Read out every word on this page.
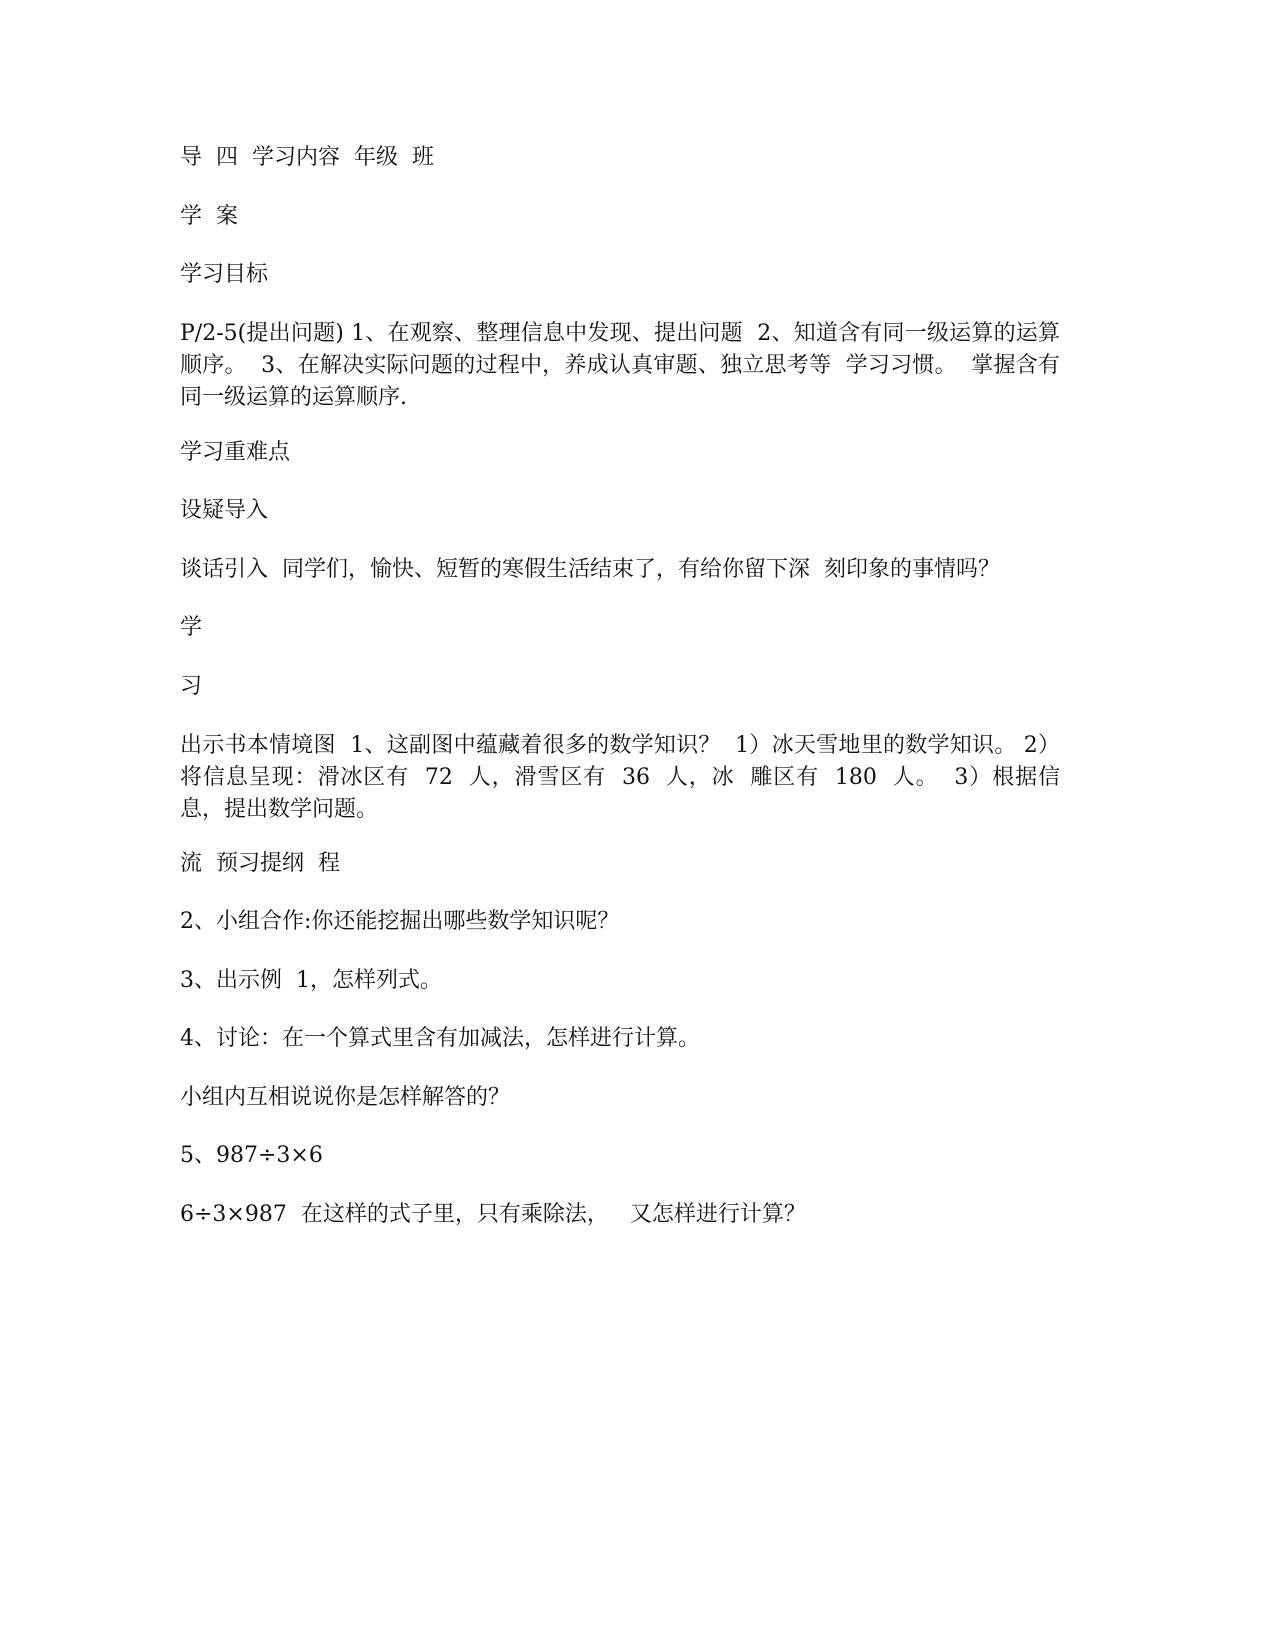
导  四  学习内容  年级  班

学  案

学习目标

P/2-5(提出问题) 1、在观察、整理信息中发现、提出问题  2、知道含有同一级运算的运算顺序。  3、在解决实际问题的过程中，养成认真审题、独立思考等  学习习惯。  掌握含有同一级运算的运算顺序.

学习重难点

设疑导入

谈话引入  同学们，愉快、短暂的寒假生活结束了，有给你留下深  刻印象的事情吗？

学

习

出示书本情境图  1、这副图中蕴藏着很多的数学知识？  1）冰天雪地里的数学知识。 2）将信息呈现：滑冰区有  72  人，滑雪区有  36  人，冰  雕区有  180  人。  3）根据信息，提出数学问题。

流  预习提纲  程

2、小组合作:你还能挖掘出哪些数学知识呢？

3、出示例  1，怎样列式。

4、讨论：在一个算式里含有加减法，怎样进行计算。

小组内互相说说你是怎样解答的？

5、987÷3×6

6÷3×987  在这样的式子里，只有乘除法，   又怎样进行计算？
